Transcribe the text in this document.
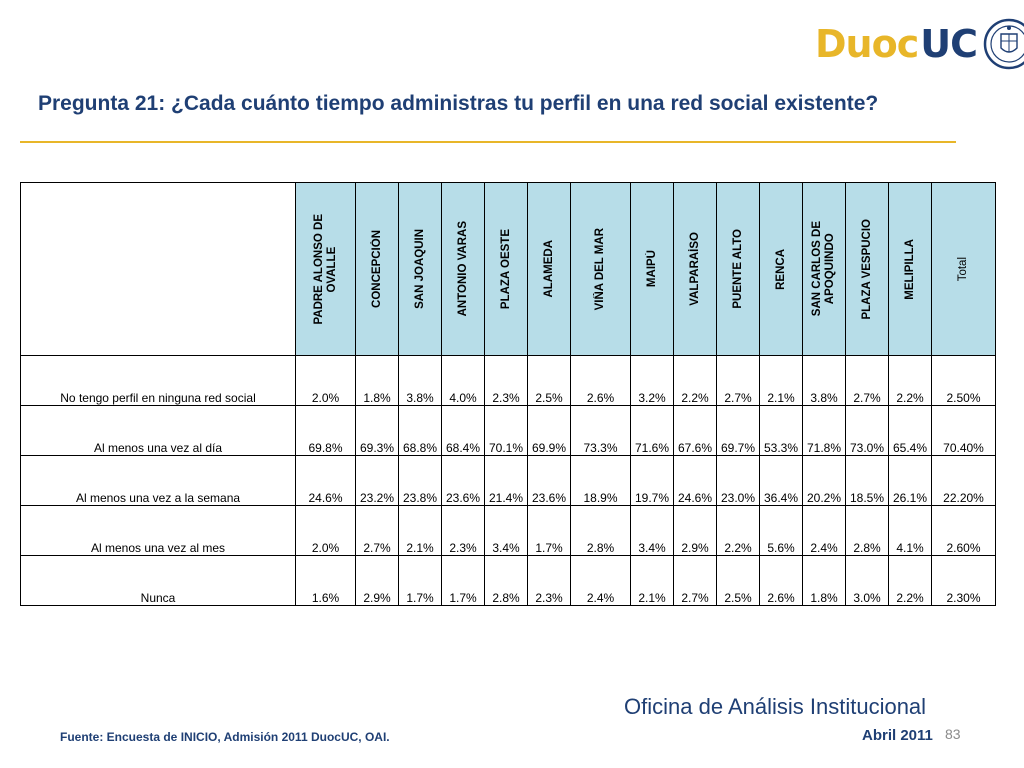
Duoc UC
Pregunta 21: ¿Cada cuánto tiempo administras tu perfil en una red social existente?

	PADRE ALONSO DE
OVALLE	CONCEPCIÓN	SAN JOAQUIN	ANTONIO VARAS	PLAZA OESTE	ALAMEDA	VIÑA DEL MAR	MAIPÚ	VALPARAÍSO	PUENTE ALTO	RENCA	SAN CARLOS DE
APOQUINDO	PLAZA VESPUCIO	MELIPILLA	Total

No tengo perfil en ninguna red social	2.0%	1.8%	3.8%	4.0%	2.3%	2.5%	2.6%	3.2%	2.2%	2.7%	2.1%	3.8%	2.7%	2.2%	2.50%
Al menos una vez al día	69.8%	69.3%	68.8%	68.4%	70.1%	69.9%	73.3%	71.6%	67.6%	69.7%	53.3%	71.8%	73.0%	65.4%	70.40%
Al menos una vez a la semana	24.6%	23.2%	23.8%	23.6%	21.4%	23.6%	18.9%	19.7%	24.6%	23.0%	36.4%	20.2%	18.5%	26.1%	22.20%
Al menos una vez al mes	2.0%	2.7%	2.1%	2.3%	3.4%	1.7%	2.8%	3.4%	2.9%	2.2%	5.6%	2.4%	2.8%	4.1%	2.60%
Nunca	1.6%	2.9%	1.7%	1.7%	2.8%	2.3%	2.4%	2.1%	2.7%	2.5%	2.6%	1.8%	3.0%	2.2%	2.30%
Oficina de Análisis Institucional
Fuente: Encuesta de INICIO, Admisión 2011 DuocUC, OAI.	Abril 2011 83
